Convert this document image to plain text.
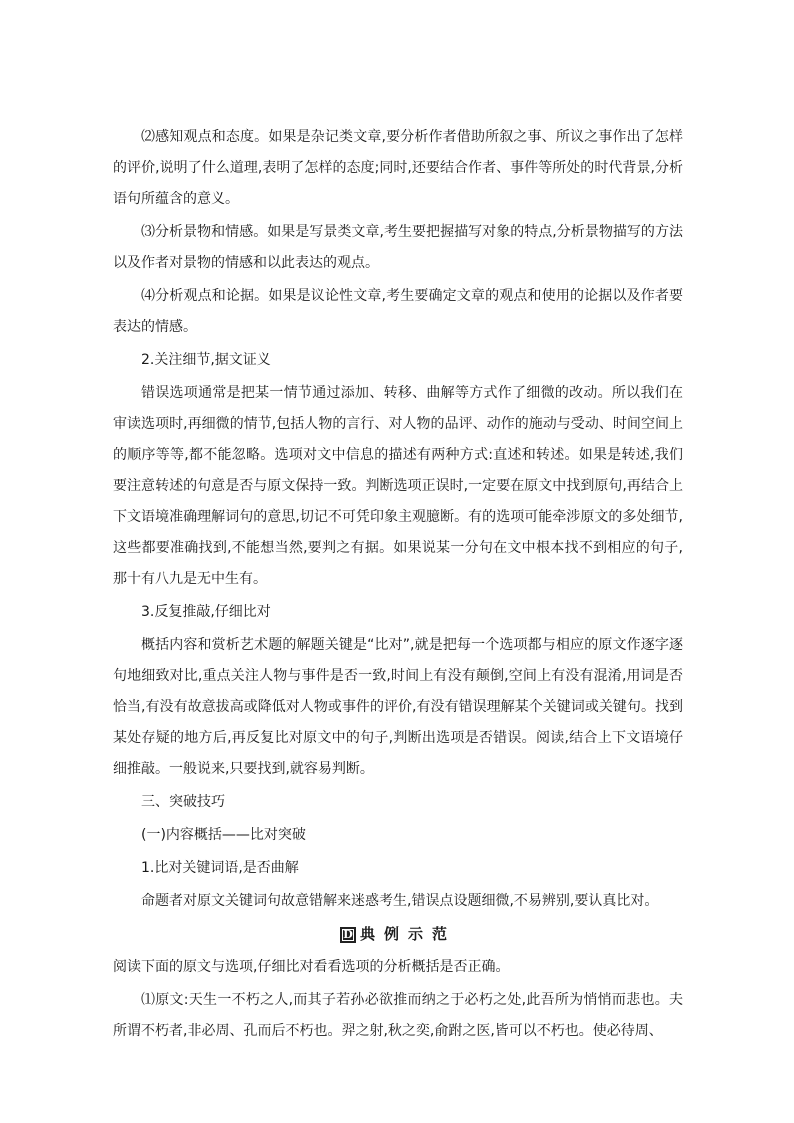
⑵感知观点和态度。如果是杂记类文章,要分析作者借助所叙之事、所议之事作出了怎样的评价,说明了什么道理,表明了怎样的态度;同时,还要结合作者、事件等所处的时代背景,分析语句所蕴含的意义。

⑶分析景物和情感。如果是写景类文章,考生要把握描写对象的特点,分析景物描写的方法以及作者对景物的情感和以此表达的观点。

⑷分析观点和论据。如果是议论性文章,考生要确定文章的观点和使用的论据以及作者要表达的情感。

2.关注细节,据文证义

错误选项通常是把某一情节通过添加、转移、曲解等方式作了细微的改动。所以我们在审读选项时,再细微的情节,包括人物的言行、对人物的品评、动作的施动与受动、时间空间上的顺序等等,都不能忽略。选项对文中信息的描述有两种方式:直述和转述。如果是转述,我们要注意转述的句意是否与原文保持一致。判断选项正误时,一定要在原文中找到原句,再结合上下文语境准确理解词句的意思,切记不可凭印象主观臆断。有的选项可能牵涉原文的多处细节,这些都要准确找到,不能想当然,要判之有据。如果说某一分句在文中根本找不到相应的句子,那十有八九是无中生有。

3.反复推敲,仔细比对

概括内容和赏析艺术题的解题关键是“比对”,就是把每一个选项都与相应的原文作逐字逐句地细致对比,重点关注人物与事件是否一致,时间上有没有颠倒,空间上有没有混淆,用词是否恰当,有没有故意拔高或降低对人物或事件的评价,有没有错误理解某个关键词或关键句。找到某处存疑的地方后,再反复比对原文中的句子,判断出选项是否错误。阅读,结合上下文语境仔细推敲。一般说来,只要找到,就容易判断。

三、突破技巧

(一)内容概括——比对突破

1.比对关键词语,是否曲解

命题者对原文关键词句故意错解来迷惑考生,错误点设题细微,不易辨别,要认真比对。

D 典例示范

阅读下面的原文与选项,仔细比对看看选项的分析概括是否正确。

⑴原文:天生一不朽之人,而其子若孙必欲推而纳之于必朽之处,此吾所为悄悄而悲也。夫所谓不朽者,非必周、孔而后不朽也。羿之射,秋之奕,俞跗之医,皆可以不朽也。使必待周、
